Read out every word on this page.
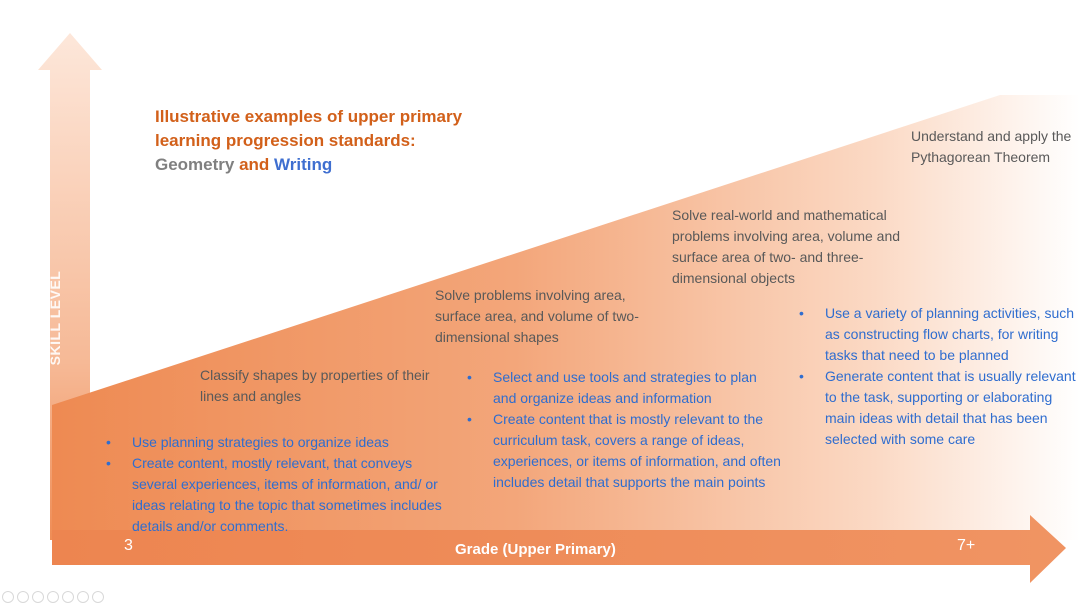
SKILL LEVEL
Illustrative examples of upper primary
learning progression standards:
Geometry and Writing

Understand and apply the Pythagorean Theorem

Solve real-world and mathematical problems involving area, volume and surface area of two- and three-dimensional objects

Solve problems involving area, surface area, and volume of two-dimensional shapes

Classify shapes by properties of their lines and angles

• Use planning strategies to organize ideas
• Create content, mostly relevant, that conveys several experiences, items of information, and/ or ideas relating to the topic that sometimes includes details and/or comments.
• Select and use tools and strategies to plan and organize ideas and information
• Create content that is mostly relevant to the curriculum task, covers a range of ideas, experiences, or items of information, and often includes detail that supports the main points
• Use a variety of planning activities, such as constructing flow charts, for writing tasks that need to be planned
• Generate content that is usually relevant to the task, supporting or elaborating main ideas with detail that has been selected with some care
3	Grade (Upper Primary)	7+
